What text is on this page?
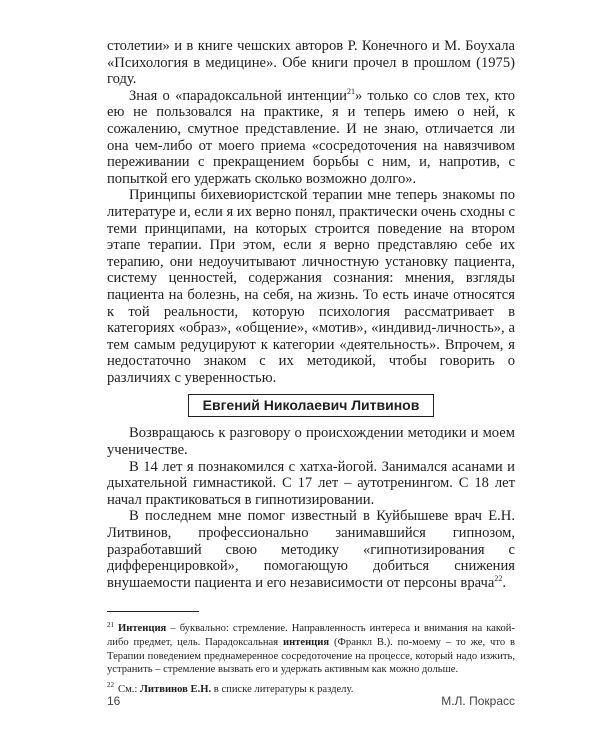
столетии» и в книге чешских авторов Р. Конечного и М. Боухала «Психология в медицине». Обе книги прочел в прошлом (1975) году.

Зная о «парадоксальной интенции$^{21}$» только со слов тех, кто ею не пользовался на практике, я и теперь имею о ней, к сожалению, смутное представление. И не знаю, отличается ли она чем-либо от моего приема «сосредоточения на навязчивом переживании с прекращением борьбы с ним, и, напротив, с попыткой его удержать сколько возможно долго».

Принципы бихевиористской терапии мне теперь знакомы по литературе и, если я их верно понял, практически очень сходны с теми принципами, на которых строится поведение на втором этапе терапии. При этом, если я верно представляю себе их терапию, они недоучитывают личностную установку пациента, систему ценностей, содержания сознания: мнения, взгляды пациента на болезнь, на себя, на жизнь. То есть иначе относятся к той реальности, которую психология рассматривает в категориях «образ», «общение», «мотив», «индивид-личность», а тем самым редуцируют к категории «деятельность». Впрочем, я недостаточно знаком с их методикой, чтобы говорить о различиях с уверенностью.

Евгений Николаевич Литвинов

Возвращаюсь к разговору о происхождении методики и моем ученичестве.

В 14 лет я познакомился с хатха-йогой. Занимался асанами и дыхательной гимнастикой. С 17 лет – аутотренингом. С 18 лет начал практиковаться в гипнотизировании.

В последнем мне помог известный в Куйбышеве врач Е.Н. Литвинов, профессионально занимавшийся гипнозом, разработавший свою методику «гипнотизирования с дифференцировкой», помогающую добиться снижения внушаемости пациента и его независимости от персоны врача$^{22}$.

$^{21}$ Интенция – буквально: стремление. Направленность интереса и внимания на какой-либо предмет, цель. Парадоксальная интенция (Франкл В.). по-моему – то же, что в Терапии поведением преднамеренное сосредоточение на процессе, который надо изжить, устранить – стремление вызвать его и удержать активным как можно дольше.

$^{22}$ См.: Литвинов Е.Н. в списке литературы к разделу.

16	М.Л. Покрасс
